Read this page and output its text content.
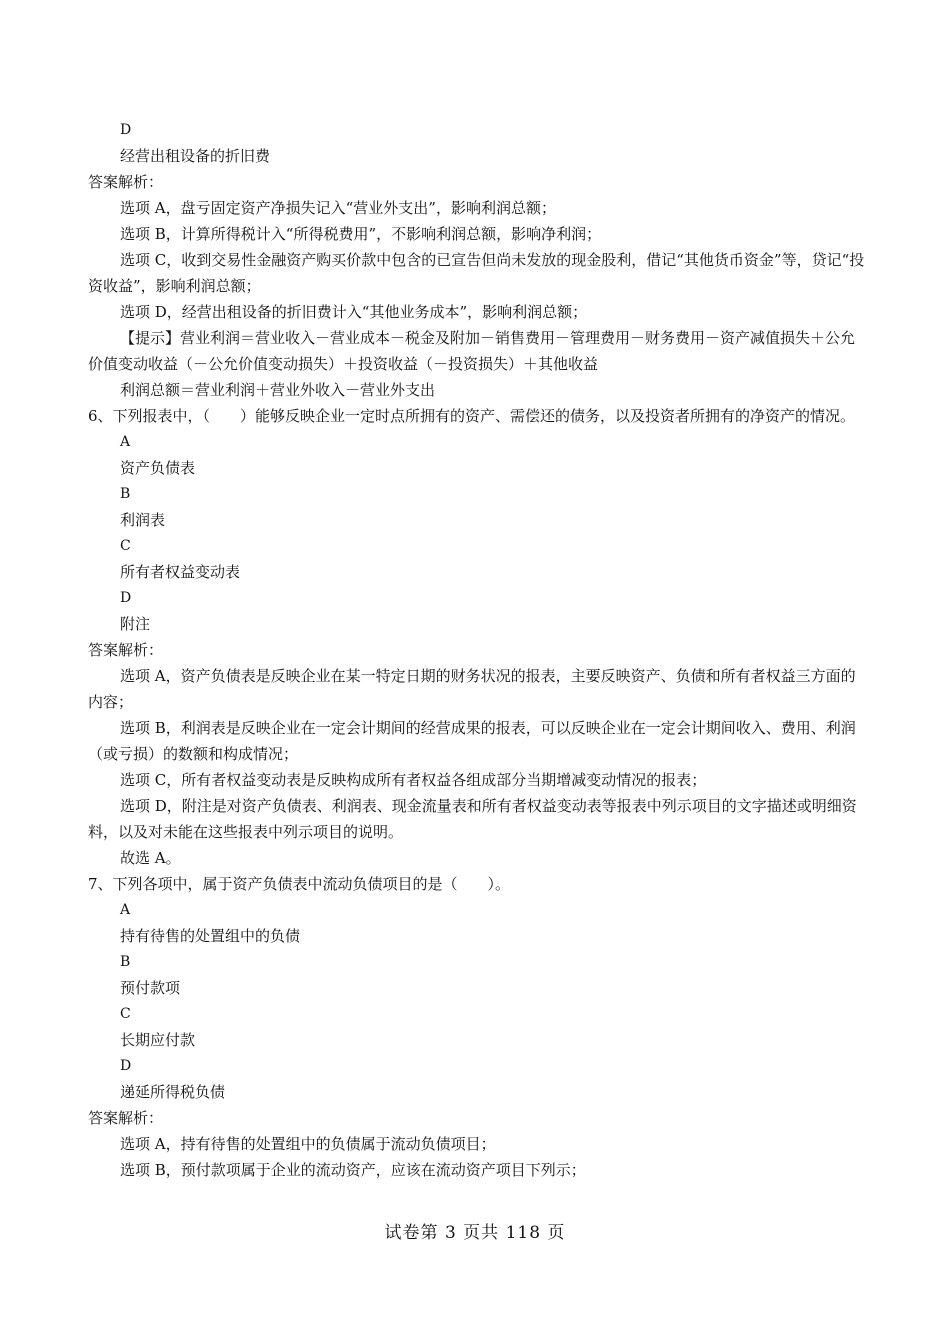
D
经营出租设备的折旧费
答案解析：
选项 A，盘亏固定资产净损失记入“营业外支出”，影响利润总额；
选项 B，计算所得税计入“所得税费用”，不影响利润总额，影响净利润；
选项 C，收到交易性金融资产购买价款中包含的已宣告但尚未发放的现金股利，借记“其他货币资金”等，贷记“投资收益”，影响利润总额；
选项 D，经营出租设备的折旧费计入“其他业务成本”，影响利润总额；
【提示】营业利润＝营业收入－营业成本－税金及附加－销售费用－管理费用－财务费用－资产减值损失＋公允价值变动收益（－公允价值变动损失）＋投资收益（－投资损失）＋其他收益
利润总额＝营业利润＋营业外收入－营业外支出
6、下列报表中，（　　）能够反映企业一定时点所拥有的资产、需偿还的债务，以及投资者所拥有的净资产的情况。
A
资产负债表
B
利润表
C
所有者权益变动表
D
附注
答案解析：
选项 A，资产负债表是反映企业在某一特定日期的财务状况的报表，主要反映资产、负债和所有者权益三方面的内容；
选项 B，利润表是反映企业在一定会计期间的经营成果的报表，可以反映企业在一定会计期间收入、费用、利润（或亏损）的数额和构成情况；
选项 C，所有者权益变动表是反映构成所有者权益各组成部分当期增减变动情况的报表；
选项 D，附注是对资产负债表、利润表、现金流量表和所有者权益变动表等报表中列示项目的文字描述或明细资料，以及对未能在这些报表中列示项目的说明。
故选 A。
7、下列各项中，属于资产负债表中流动负债项目的是（　　）。
A
持有待售的处置组中的负债
B
预付款项
C
长期应付款
D
递延所得税负债
答案解析：
选项 A，持有待售的处置组中的负债属于流动负债项目；
选项 B，预付款项属于企业的流动资产，应该在流动资产项目下列示；
试卷第 3 页共 118 页
